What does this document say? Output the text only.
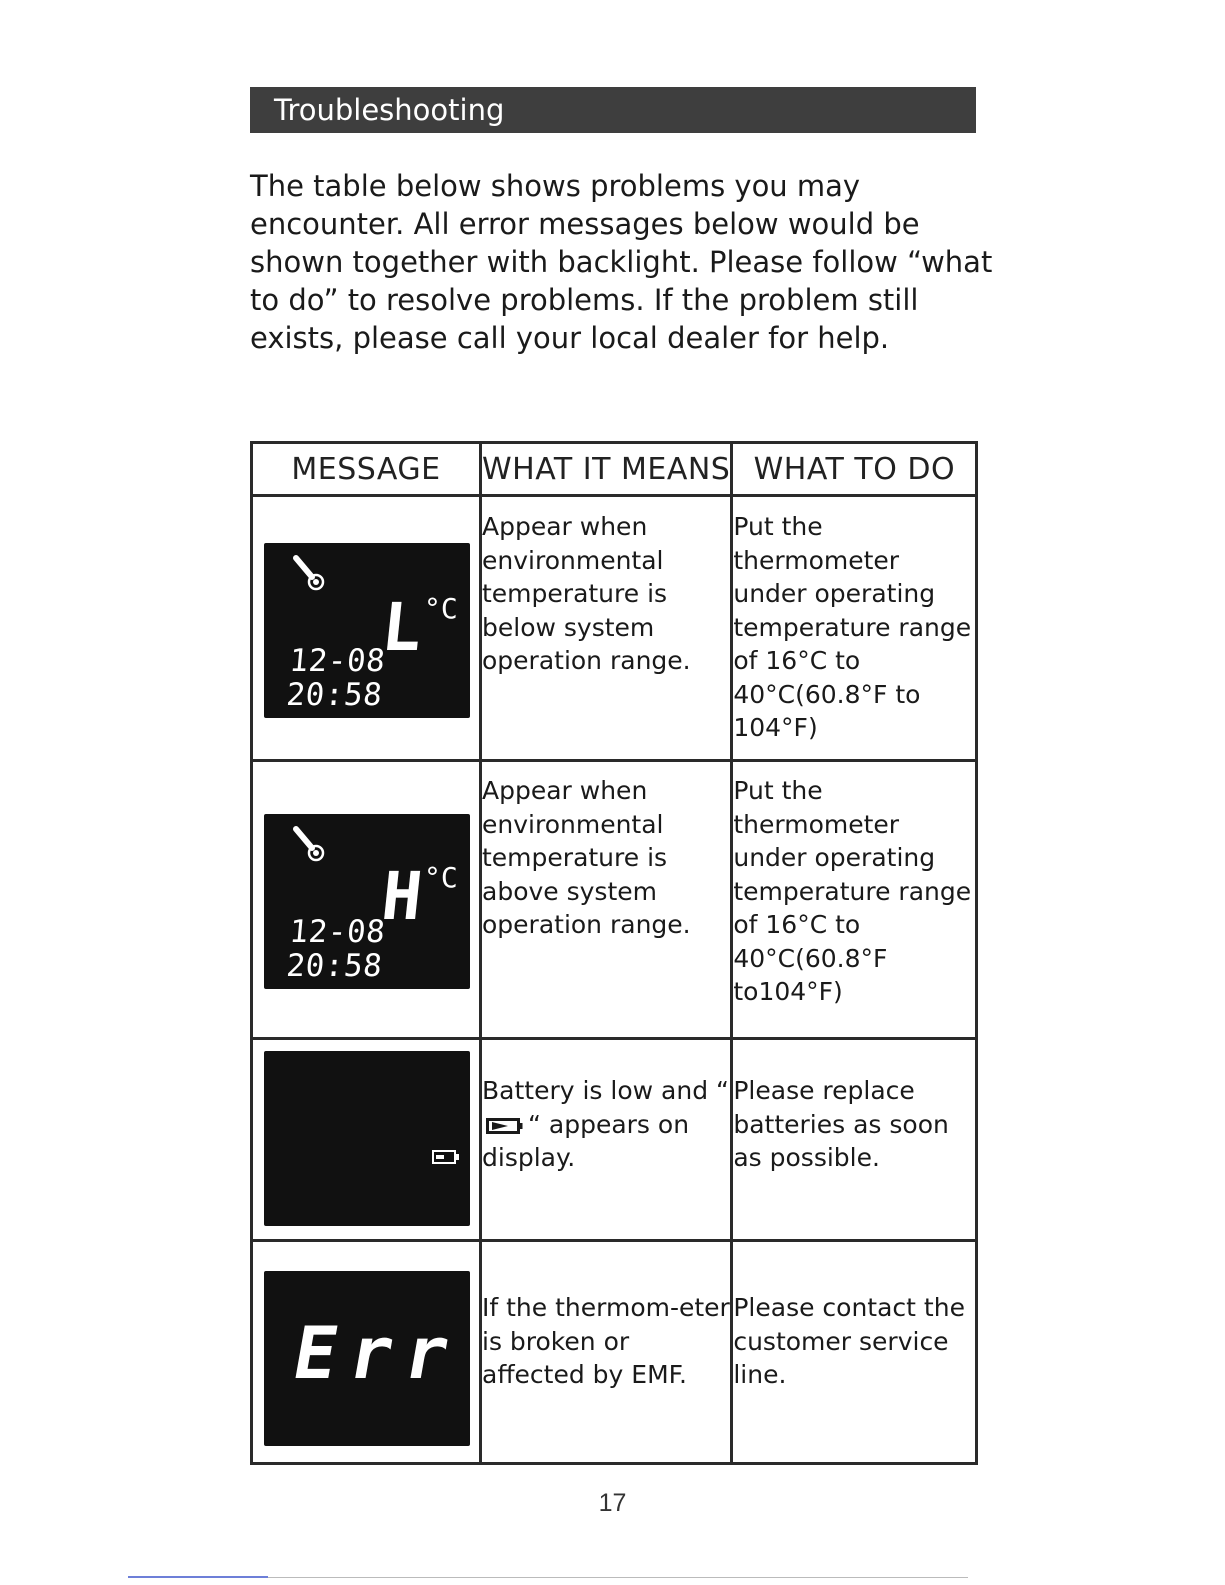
Troubleshooting

The table below shows problems you may encounter. All error messages below would be shown together with backlight. Please follow “what to do” to resolve problems. If the problem still exists, please call your local dealer for help.

MESSAGE	WHAT IT MEANS	WHAT TO DO

L
°C
12-08 20:58	Appear when environmental temperature is below system operation range.	Put the thermometer under operating temperature range of 16°C to 40°C(60.8°F to 104°F)

H
°C
12-08 20:58	Appear when environmental temperature is above system operation range.	Put the thermometer under operating temperature range of 16°C to 40°C(60.8°F to104°F)

	Battery is low and ““ appears on display.	Please replace batteries as soon as possible.

Err	If the thermom-eter is broken or affected by EMF.	Please contact the customer service line.
17
